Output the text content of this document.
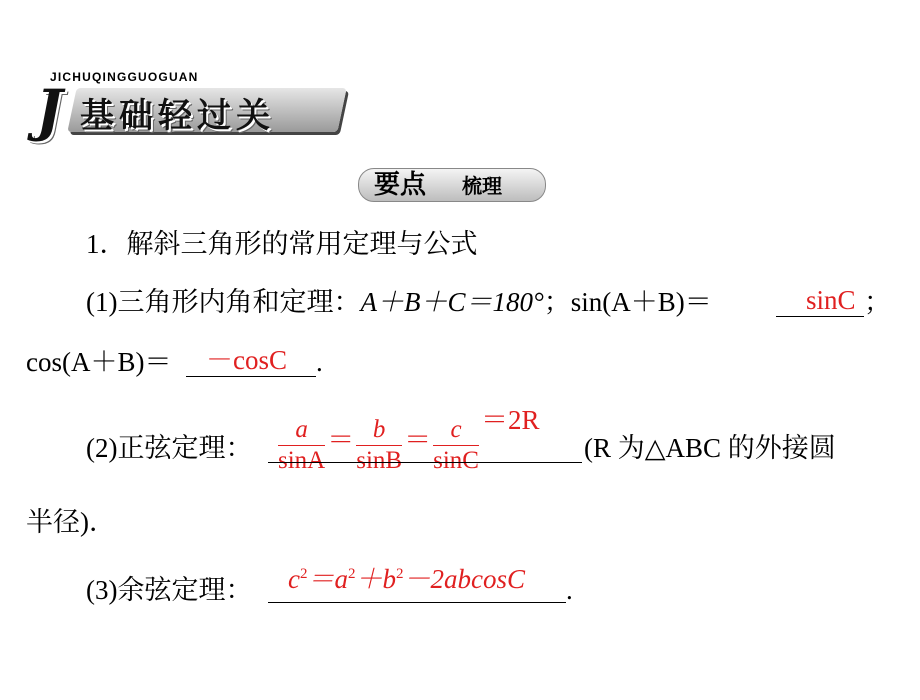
JICHUQINGGUOGUAN
J 基础轻过关
要点 梳理
1．解斜三角形的常用定理与公式
(1)三角形内角和定理：A＋B＋C＝180°；sin(A＋B)＝	sinC ；
cos(A＋B)＝ －cosC .
$\frac{a}{\sin A} = \frac{b}{\sin B} = \frac{c}{\sin C} =2R$
(2)正弦定理：	(R 为△ABC 的外接圆
半径)．
(3)余弦定理： $c^2=a^2+b^2-2abcosC$ .
